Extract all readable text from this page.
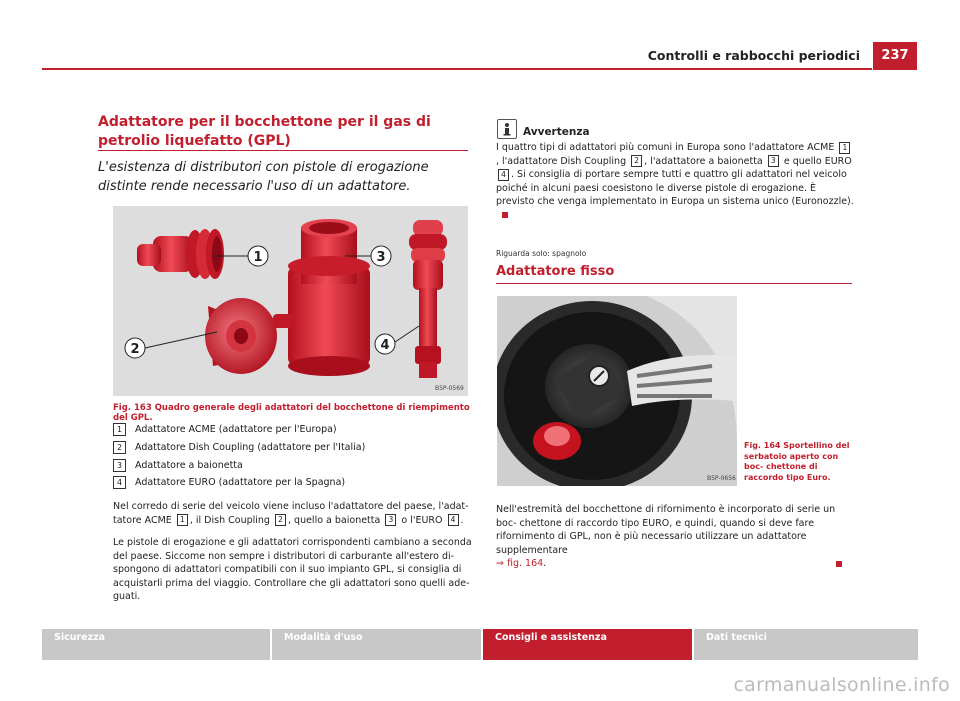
Controlli e rabbocchi periodici	237
Adattatore per il bocchettone per il gas di petrolio liquefatto (GPL)
L'esistenza di distributori con pistole di erogazione distinte rende necessario l'uso di un adattatore.
1
2
3
4
B5P-0569
Fig. 163 Quadro generale degli adattatori del bocchettone di riempimento del GPL.
1 Adattatore ACME (adattatore per l'Europa)
2 Adattatore Dish Coupling (adattatore per l'Italia)
3 Adattatore a baionetta
4 Adattatore EURO (adattatore per la Spagna)
Nel corredo di serie del veicolo viene incluso l'adattatore del paese, l'adat- tatore ACME 1 , il Dish Coupling 2 , quello a baionetta 3 o l'EURO 4 .
Le pistole di erogazione e gli adattatori corrispondenti cambiano a seconda del paese. Siccome non sempre i distributori di carburante all'estero di- spongono di adattatori compatibili con il suo impianto GPL, si consiglia di acquistarli prima del viaggio. Controllare che gli adattatori sono quelli ade- guati.
Avvertenza
I quattro tipi di adattatori più comuni in Europa sono l'adattatore ACME 1, l'adattatore Dish Coupling 2 , l'adattatore a baionetta 3 e quello EURO 4 . Si consiglia di portare sempre tutti e quattro gli adattatori nel veicolo poiché in alcuni paesi coesistono le diverse pistole di erogazione. È previsto che venga implementato in Europa un sistema unico (Euronozzle).
Riguarda solo: spagnolo
Adattatore fisso
B5P-0656
Fig. 164 Sportellino del serbatoio aperto con boc- chettone di raccordo tipo Euro.
Nell'estremità del bocchettone di rifornimento è incorporato di serie un boc- chettone di raccordo tipo EURO, e quindi, quando si deve fare rifornimento di GPL, non è più necessario utilizzare un adattatore supplementare
⇒ fig. 164.
Sicurezza	Modalità d'uso	Consigli e assistenza	Dati tecnici
carmanualsonline.info
